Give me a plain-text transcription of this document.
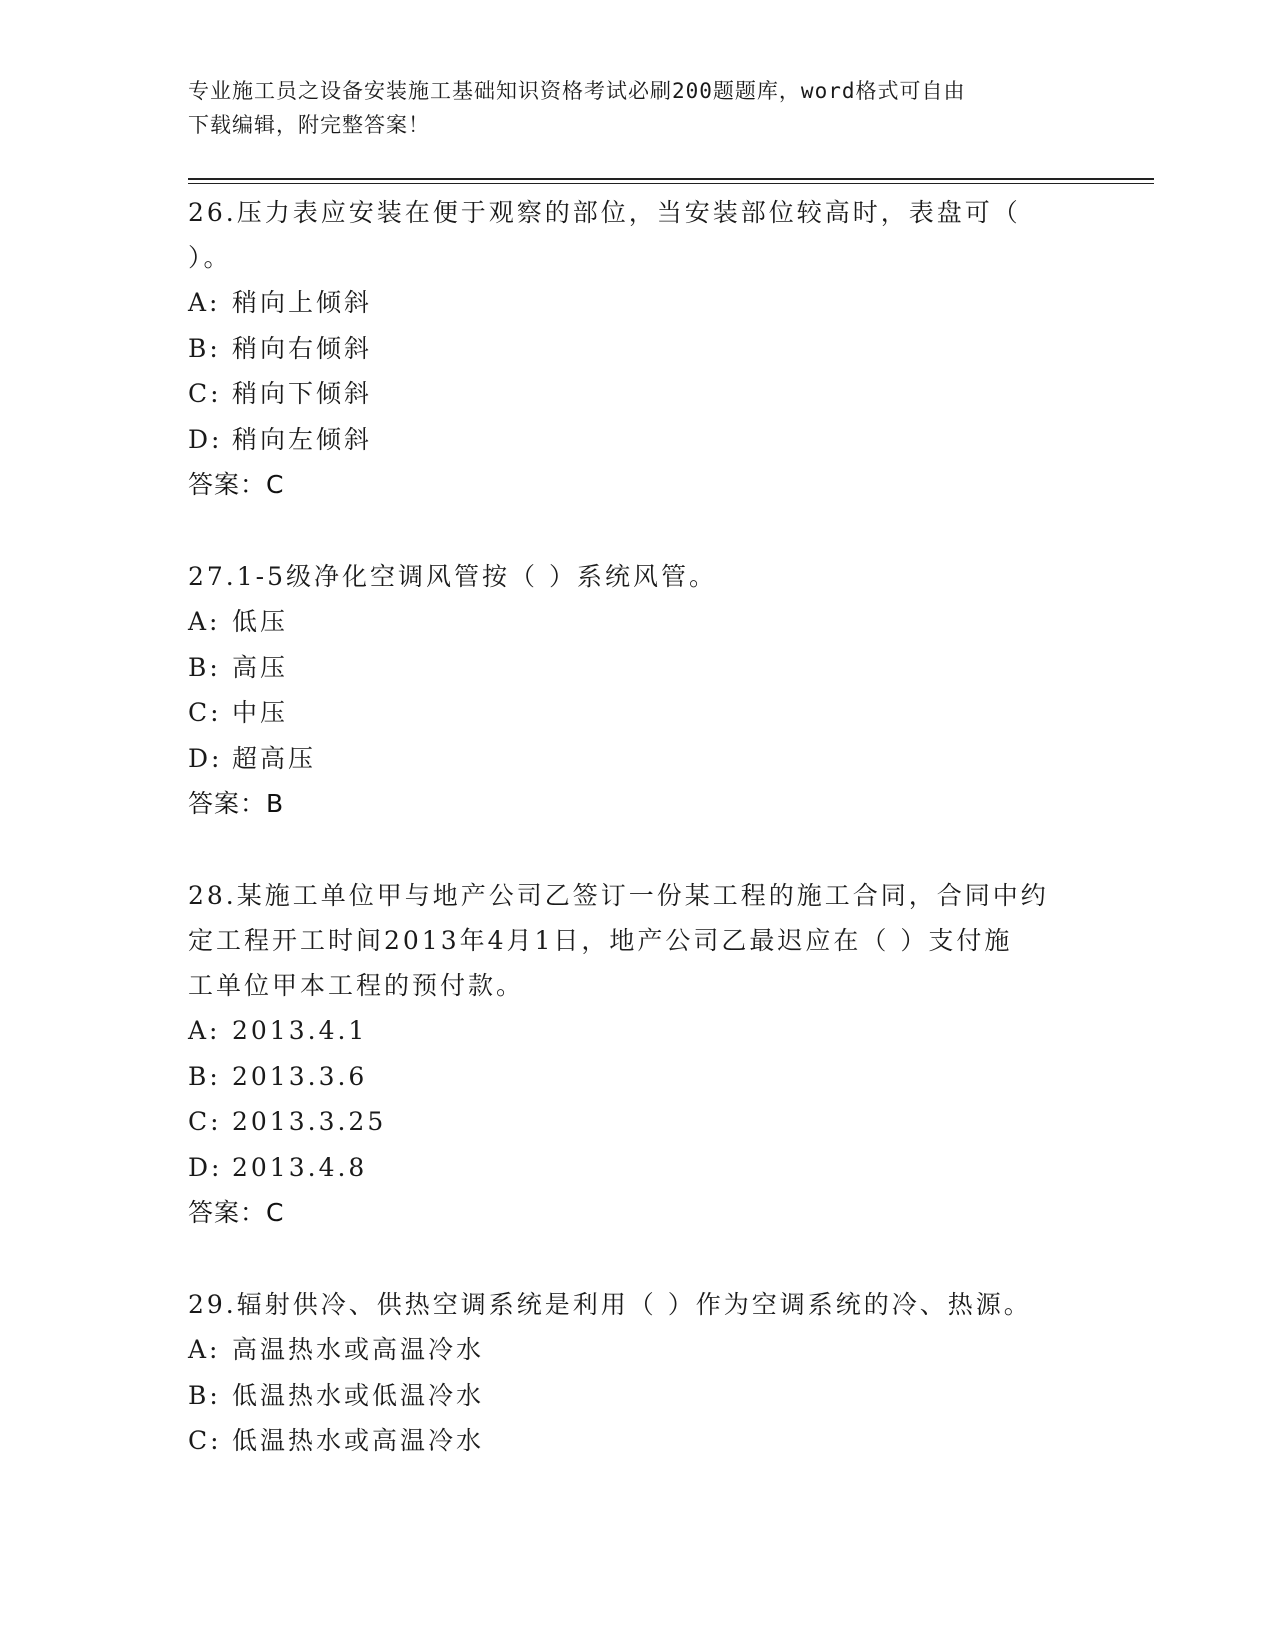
专业施工员之设备安装施工基础知识资格考试必刷200题题库，word格式可自由
下载编辑，附完整答案！
26.压力表应安装在便于观察的部位，当安装部位较高时，表盘可（
）。
A: 稍向上倾斜
B: 稍向右倾斜
C: 稍向下倾斜
D: 稍向左倾斜
答案：C
27.1-5级净化空调风管按（ ）系统风管。
A: 低压
B: 高压
C: 中压
D: 超高压
答案：B
28.某施工单位甲与地产公司乙签订一份某工程的施工合同，合同中约
定工程开工时间2013年4月1日，地产公司乙最迟应在（ ）支付施
工单位甲本工程的预付款。
A: 2013.4.1
B: 2013.3.6
C: 2013.3.25
D: 2013.4.8
答案：C
29.辐射供冷、供热空调系统是利用（ ）作为空调系统的冷、热源。
A: 高温热水或高温冷水
B: 低温热水或低温冷水
C: 低温热水或高温冷水
